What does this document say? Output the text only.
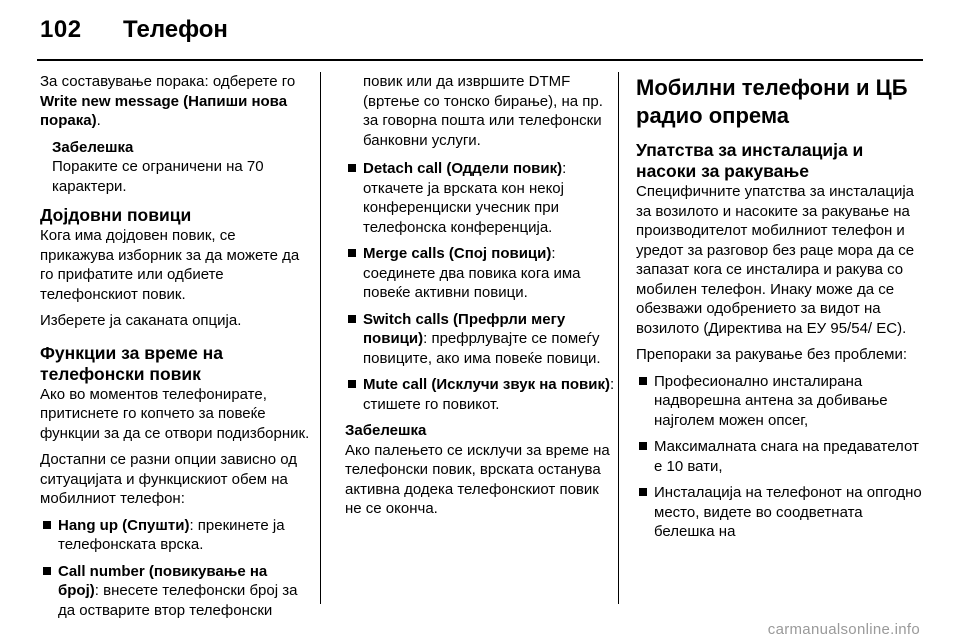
102 Телефон

За составување порака: одберете го Write new message (Напиши нова порака).

Забелешка

Пораките се ограничени на 70 карактери.

Дојдовни повици

Кога има дојдовен повик, се прикажува изборник за да можете да го прифатите или одбиете телефонскиот повик.

Изберете ја саканата опција.

Функции за време на телефонски повик

Ако во моментов телефонирате, притиснете го копчето за повеќе функции за да се отвори подизборник.

Достапни се разни опции зависно од ситуацијата и функцискиот обем на мобилниот телефон:

Hang up (Спушти): прекинете ја телефонската врска.
Call number (повикување на број): внесете телефонски број за да остварите втор телефонски
повик или да извршите DTMF (вртење со тонско бирање), на пр. за говорна пошта или телефонски банковни услуги.
Detach call (Оддели повик): откачете ја врската кон некој конференциски учесник при телефонска конференција.
Merge calls (Спој повици): соединете два повика кога има повеќе активни повици.
Switch calls (Префрли мегу повици): префрлувајте се помеѓу повиците, ако има повеќе повици.
Mute call (Исклучи звук на повик): стишете го повикот.

Забелешка

Ако палењето се исклучи за време на телефонски повик, врската останува активна додека телефонскиот повик не се оконча.

Мобилни телефони и ЦБ радио опрема
Упатства за инсталација и насоки за ракување

Специфичните упатства за инсталација за возилото и насоките за ракување на производителот мобилниот телефон и уредот за разговор без раце мора да се запазат кога се инсталира и ракува со мобилен телефон. Инаку може да се обезважи одобрението за видот на возилото (Директива на ЕУ 95/54/ ЕС).

Препораки за ракување без проблеми:

Професионално инсталирана надворешна антена за добивање најголем можен опсег,
Максималната снага на предавателот е 10 вати,
Инсталација на телефонот на опгодно место, видете во соодветната белешка на
carmanualsonline.info
